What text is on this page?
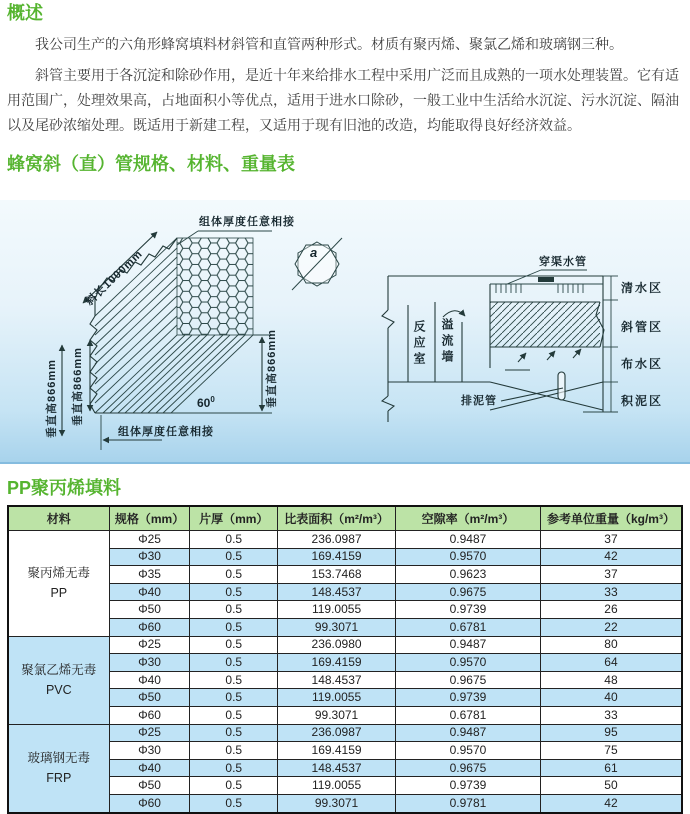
概述

我公司生产的六角形蜂窝填料材斜管和直管两种形式。材质有聚丙烯、聚氯乙烯和玻璃钢三种。

斜管主要用于各沉淀和除砂作用，是近十年来给排水工程中采用广泛而且成熟的一项水处理装置。它有适用范围广，处理效果高，占地面积小等优点，适用于进水口除砂，一般工业中生活给水沉淀、污水沉淀、隔油以及尾砂浓缩处理。既适用于新建工程，又适用于现有旧池的改造，均能取得良好经济效益。

蜂窝斜（直）管规格、材料、重量表
组体厚度任意相接
斜长1000mm
垂直高866mm 垂直高866mm	垂直高866mm
$60^0$
组体厚度任意相接
a
穿渠水管
清水区
斜管区
布水区
积泥区
反应室 溢流墙
排泥管
PP聚丙烯填料
材料	规格（mm）	片厚（mm）	比表面积（m²/m³）	空隙率（m²/m³）	参考单位重量（kg/m³）

聚丙烯无毒
PP	Φ25	0.5	236.0987	0.9487	37
	Φ30	0.5	169.4159	0.9570	42
	Φ35	0.5	153.7468	0.9623	37
	Φ40	0.5	148.4537	0.9675	33
	Φ50	0.5	119.0055	0.9739	26
	Φ60	0.5	99.3071	0.6781	22

聚氯乙烯无毒
PVC	Φ25	0.5	236.0980	0.9487	80
	Φ30	0.5	169.4159	0.9570	64
	Φ40	0.5	148.4537	0.9675	48
	Φ50	0.5	119.0055	0.9739	40
	Φ60	0.5	99.3071	0.6781	33

玻璃钢无毒
FRP	Φ25	0.5	236.0987	0.9487	95
	Φ30	0.5	169.4159	0.9570	75
	Φ40	0.5	148.4537	0.9675	61
	Φ50	0.5	119.0055	0.9739	50
	Φ60	0.5	99.3071	0.9781	42
